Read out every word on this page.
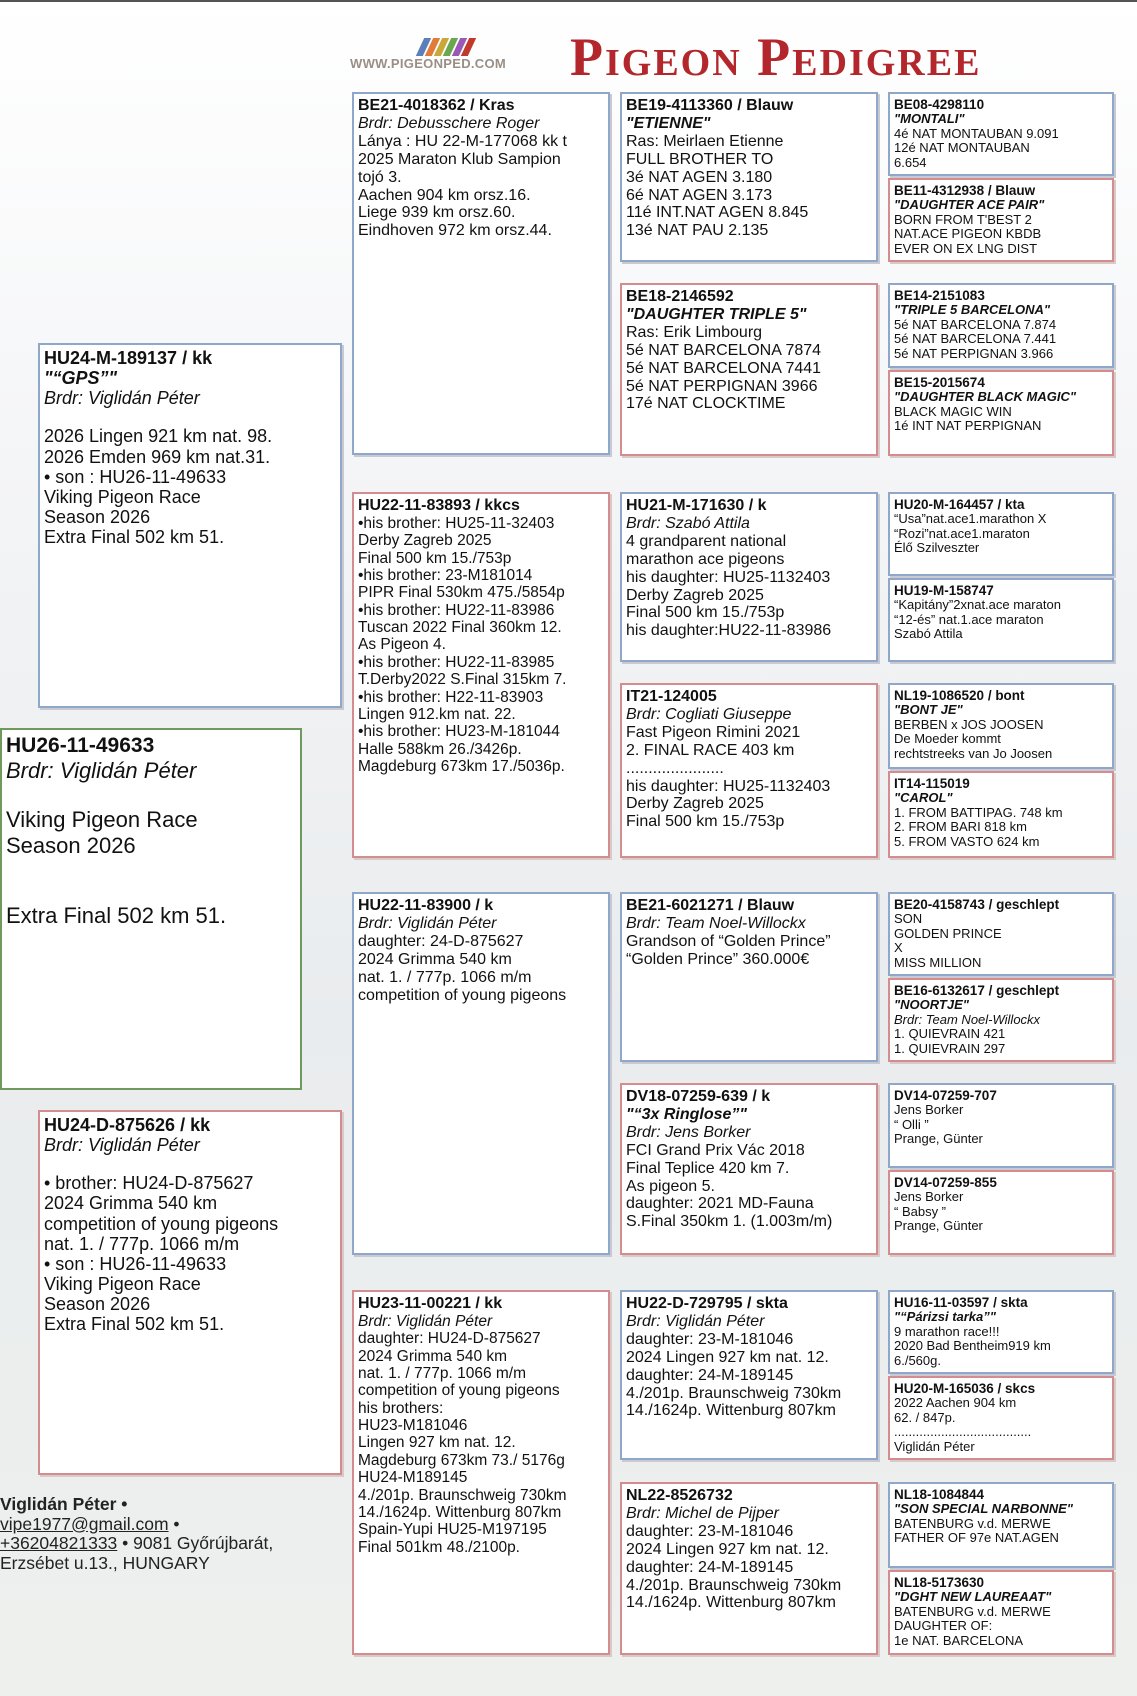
WWW.PIGEONPED.COM Pigeon Pedigree
HU26-11-49633
Brdr: Viglidán Péter
Viking Pigeon Race
Season 2026
Extra Final 502 km 51.
HU24-M-189137 / kk
"“GPS”"
Brdr: Viglidán Péter
2026 Lingen 921 km nat. 98.
2026 Emden 969 km nat.31.
• son : HU26-11-49633
Viking Pigeon Race
Season 2026
Extra Final 502 km 51.
HU24-D-875626 / kk
Brdr: Viglidán Péter
• brother: HU24-D-875627
2024 Grimma 540 km
competition of young pigeons
nat. 1. / 777p. 1066 m/m
• son : HU26-11-49633
Viking Pigeon Race
Season 2026
Extra Final 502 km 51.
BE21-4018362 / Kras
Brdr: Debusschere Roger
Lánya : HU 22-M-177068 kk t
2025 Maraton Klub Sampion
tojó 3.
Aachen 904 km orsz.16.
Liege 939 km orsz.60.
Eindhoven 972 km orsz.44.
HU22-11-83893 / kkcs
•his brother: HU25-11-32403
Derby Zagreb 2025
Final 500 km 15./753p
•his brother: 23-M181014
PIPR Final 530km 475./5854p
•his brother: HU22-11-83986
Tuscan 2022 Final 360km 12.
As Pigeon 4.
•his brother: HU22-11-83985
T.Derby2022 S.Final 315km 7.
•his brother: H22-11-83903
Lingen 912.km nat. 22.
•his brother: HU23-M-181044
Halle 588km 26./3426p.
Magdeburg 673km 17./5036p.
HU22-11-83900 / k
Brdr: Viglidán Péter
daughter: 24-D-875627
2024 Grimma 540 km
nat. 1. / 777p. 1066 m/m
competition of young pigeons
HU23-11-00221 / kk
Brdr: Viglidán Péter
daughter: HU24-D-875627
2024 Grimma 540 km
nat. 1. / 777p. 1066 m/m
competition of young pigeons
his brothers:
HU23-M181046
Lingen 927 km nat. 12.
Magdeburg 673km 73./ 5176g
HU24-M189145
4./201p. Braunschweig 730km
14./1624p. Wittenburg 807km
Spain-Yupi HU25-M197195
Final 501km 48./2100p.
BE19-4113360 / Blauw
"ETIENNE"
Ras: Meirlaen Etienne
FULL BROTHER TO
3é NAT AGEN 3.180
6é NAT AGEN 3.173
11é INT.NAT AGEN 8.845
13é NAT PAU 2.135
BE18-2146592
"DAUGHTER TRIPLE 5"
Ras: Erik Limbourg
5é NAT BARCELONA 7874
5é NAT BARCELONA 7441
5é NAT PERPIGNAN 3966
17é NAT CLOCKTIME
HU21-M-171630 / k
Brdr: Szabó Attila
4 grandparent national
marathon ace pigeons
his daughter: HU25-1132403
Derby Zagreb 2025
Final 500 km 15./753p
his daughter:HU22-11-83986
IT21-124005
Brdr: Cogliati Giuseppe
Fast Pigeon Rimini 2021
2. FINAL RACE 403 km
......................
his daughter: HU25-1132403
Derby Zagreb 2025
Final 500 km 15./753p
BE21-6021271 / Blauw
Brdr: Team Noel-Willockx
Grandson of “Golden Prince”
“Golden Prince” 360.000€
DV18-07259-639 / k
"“3x Ringlose”"
Brdr: Jens Borker
FCI Grand Prix Vác 2018
Final Teplice 420 km 7.
As pigeon 5.
daughter: 2021 MD-Fauna
S.Final 350km 1. (1.003m/m)
HU22-D-729795 / skta
Brdr: Viglidán Péter
daughter: 23-M-181046
2024 Lingen 927 km nat. 12.
daughter: 24-M-189145
4./201p. Braunschweig 730km
14./1624p. Wittenburg 807km
NL22-8526732
Brdr: Michel de Pijper
daughter: 23-M-181046
2024 Lingen 927 km nat. 12.
daughter: 24-M-189145
4./201p. Braunschweig 730km
14./1624p. Wittenburg 807km
BE08-4298110
"MONTALI"
4é NAT MONTAUBAN 9.091
12é NAT MONTAUBAN
6.654
BE11-4312938 / Blauw
"DAUGHTER ACE PAIR"
BORN FROM T'BEST 2
NAT.ACE PIGEON KBDB
EVER ON EX LNG DIST
BE14-2151083
"TRIPLE 5 BARCELONA"
5é NAT BARCELONA 7.874
5é NAT BARCELONA 7.441
5é NAT PERPIGNAN 3.966
BE15-2015674
"DAUGHTER BLACK MAGIC"
BLACK MAGIC WIN
1é INT NAT PERPIGNAN
HU20-M-164457 / kta
“Usa”nat.ace1.marathon X
“Rozi”nat.ace1.maraton
Élő Szilveszter
HU19-M-158747
“Kapitány”2xnat.ace maraton
“12-és” nat.1.ace maraton
Szabó Attila
NL19-1086520 / bont
"BONT JE"
BERBEN x JOS JOOSEN
De Moeder kommt
rechtstreeks van Jo Joosen
IT14-115019
"CAROL"
1. FROM BATTIPAG. 748 km
2. FROM BARI 818 km
5. FROM VASTO 624 km
BE20-4158743 / geschlept
SON
GOLDEN PRINCE
X
MISS MILLION
BE16-6132617 / geschlept
"NOORTJE"
Brdr: Team Noel-Willockx
1. QUIEVRAIN 421
1. QUIEVRAIN 297
DV14-07259-707
Jens Borker
“ Olli ”
Prange, Günter
DV14-07259-855
Jens Borker
“ Babsy ”
Prange, Günter
HU16-11-03597 / skta
"“Párizsi tarka”"
9 marathon race!!!
2020 Bad Bentheim919 km
6./560g.
HU20-M-165036 / skcs
2022 Aachen 904 km
62. / 847p.
......................................
Viglidán Péter
NL18-1084844
"SON SPECIAL NARBONNE"
BATENBURG v.d. MERWE
FATHER OF 97e NAT.AGEN
NL18-5173630
"DGHT NEW LAUREAAT"
BATENBURG v.d. MERWE
DAUGHTER OF:
1e NAT. BARCELONA
Viglidán Péter •
vipe1977@gmail.com •
+36204821333 • 9081 Győrújbarát,
Erzsébet u.13., HUNGARY
